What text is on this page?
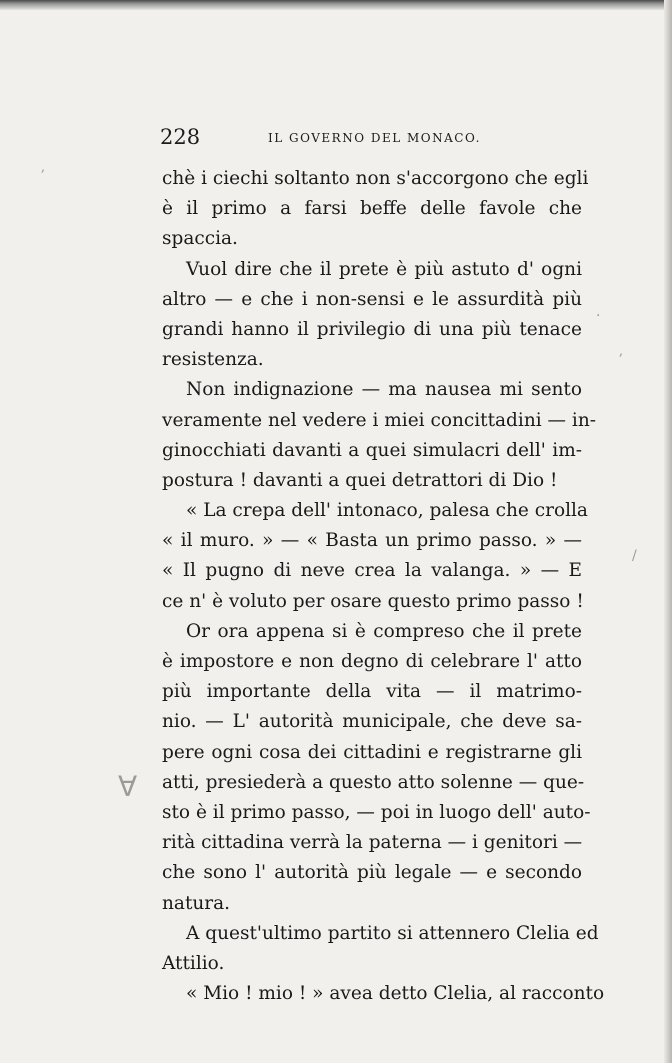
228	IL GOVERNO DEL MONACO.
chè i ciechi soltanto non s'accorgono che egli
è il primo a farsi beffe delle favole che
spaccia.
Vuol dire che il prete è più astuto d' ogni
altro — e che i non-sensi e le assurdità più
grandi hanno il privilegio di una più tenace
resistenza.
Non indignazione — ma nausea mi sento
veramente nel vedere i miei concittadini — in-
ginocchiati davanti a quei simulacri dell' im-
postura ! davanti a quei detrattori di Dio !
« La crepa dell' intonaco, palesa che crolla
« il muro. » — « Basta un primo passo. » —
« Il pugno di neve crea la valanga. » — E
ce n' è voluto per osare questo primo passo !
Or ora appena si è compreso che il prete
è impostore e non degno di celebrare l' atto
più importante della vita — il matrimo-
nio. — L' autorità municipale, che deve sa-
pere ogni cosa dei cittadini e registrarne gli
atti, presiederà a questo atto solenne — que-
sto è il primo passo, — poi in luogo dell' auto-
rità cittadina verrà la paterna — i genitori —
che sono l' autorità più legale — e secondo
natura.
A quest'ultimo partito si attennero Clelia ed
Attilio.
« Mio ! mio ! » avea detto Clelia, al racconto
ʼ
·
ʼ
/
∀
